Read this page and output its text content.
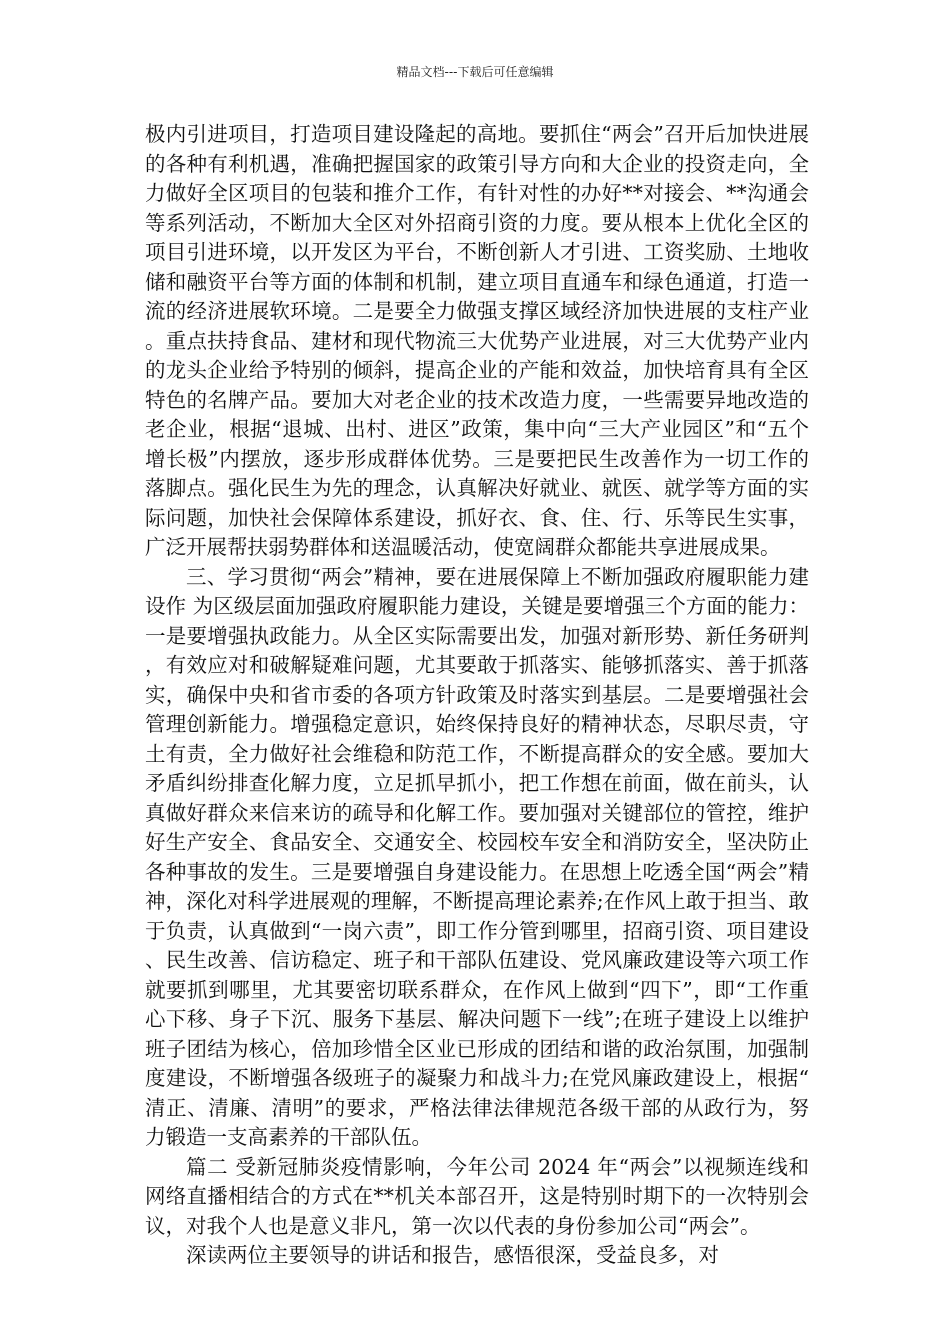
精品文档---下载后可任意编辑

极内引进项目，打造项目建设隆起的高地。要抓住“两会”召开后加快进展的各种有利机遇，准确把握国家的政策引导方向和大企业的投资走向，全力做好全区项目的包装和推介工作，有针对性的办好**对接会、**沟通会等系列活动，不断加大全区对外招商引资的力度。要从根本上优化全区的项目引进环境，以开发区为平台，不断创新人才引进、工资奖励、土地收储和融资平台等方面的体制和机制，建立项目直通车和绿色通道，打造一流的经济进展软环境。二是要全力做强支撑区域经济加快进展的支柱产业。重点扶持食品、建材和现代物流三大优势产业进展，对三大优势产业内的龙头企业给予特别的倾斜，提高企业的产能和效益，加快培育具有全区特色的名牌产品。要加大对老企业的技术改造力度，一些需要异地改造的老企业，根据“退城、出村、进区”政策，集中向“三大产业园区”和“五个增长极”内摆放，逐步形成群体优势。三是要把民生改善作为一切工作的落脚点。强化民生为先的理念，认真解决好就业、就医、就学等方面的实际问题，加快社会保障体系建设，抓好衣、食、住、行、乐等民生实事，广泛开展帮扶弱势群体和送温暖活动，使宽阔群众都能共享进展成果。

三、学习贯彻“两会”精神，要在进展保障上不断加强政府履职能力建设作 为区级层面加强政府履职能力建设，关键是要增强三个方面的能力：一是要增强执政能力。从全区实际需要出发，加强对新形势、新任务研判，有效应对和破解疑难问题，尤其要敢于抓落实、能够抓落实、善于抓落实，确保中央和省市委的各项方针政策及时落实到基层。二是要增强社会管理创新能力。增强稳定意识，始终保持良好的精神状态，尽职尽责，守土有责，全力做好社会维稳和防范工作，不断提高群众的安全感。要加大矛盾纠纷排查化解力度，立足抓早抓小，把工作想在前面，做在前头，认真做好群众来信来访的疏导和化解工作。要加强对关键部位的管控，维护好生产安全、食品安全、交通安全、校园校车安全和消防安全，坚决防止各种事故的发生。三是要增强自身建设能力。在思想上吃透全国“两会”精神，深化对科学进展观的理解，不断提高理论素养;在作风上敢于担当、敢于负责，认真做到“一岗六责”，即工作分管到哪里，招商引资、项目建设、民生改善、信访稳定、班子和干部队伍建设、党风廉政建设等六项工作就要抓到哪里，尤其要密切联系群众，在作风上做到“四下”，即“工作重心下移、身子下沉、服务下基层、解决问题下一线”;在班子建设上以维护班子团结为核心，倍加珍惜全区业已形成的团结和谐的政治氛围，加强制度建设，不断增强各级班子的凝聚力和战斗力;在党风廉政建设上，根据“清正、清廉、清明”的要求，严格法律法律规范各级干部的从政行为，努力锻造一支高素养的干部队伍。

篇二 受新冠肺炎疫情影响，今年公司 2024 年“两会”以视频连线和网络直播相结合的方式在**机关本部召开，这是特别时期下的一次特别会议，对我个人也是意义非凡，第一次以代表的身份参加公司“两会”。

深读两位主要领导的讲话和报告，感悟很深，受益良多，对
